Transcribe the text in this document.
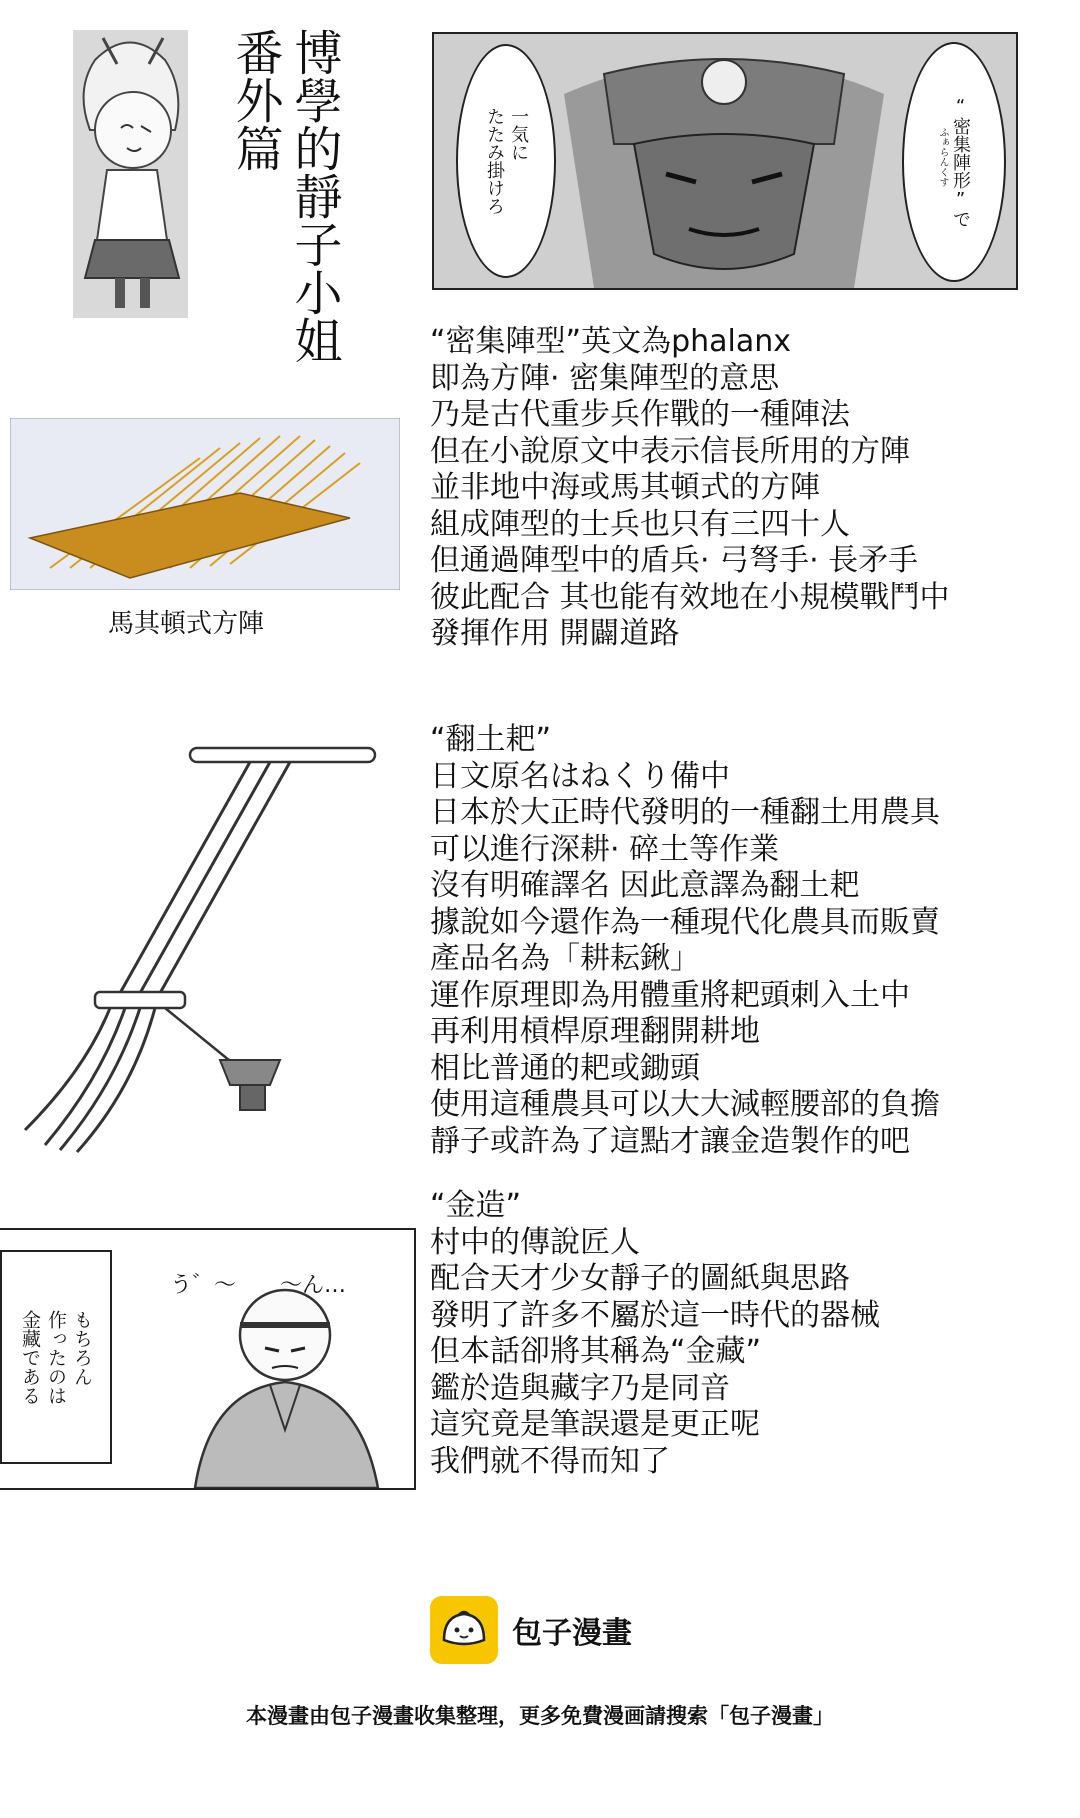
博學的靜子小姐
番外篇	一気に
たたみ掛けろ	ふぁらんくす “密集陣形”で
馬其頓式方陣
“密集陣型”英文為phalanx
即為方陣· 密集陣型的意思
乃是古代重步兵作戰的一種陣法
但在小說原文中表示信長所用的方陣
並非地中海或馬其頓式的方陣
組成陣型的士兵也只有三四十人
但通過陣型中的盾兵· 弓弩手· 長矛手
彼此配合 其也能有效地在小規模戰鬥中
發揮作用 開闢道路
“翻土耙”
日文原名はねくり備中
日本於大正時代發明的一種翻土用農具
可以進行深耕· 碎土等作業
沒有明確譯名 因此意譯為翻土耙
據說如今還作為一種現代化農具而販賣
產品名為「耕耘鍬」
運作原理即為用體重將耙頭刺入土中
再利用槓桿原理翻開耕地
相比普通的耙或鋤頭
使用這種農具可以大大減輕腰部的負擔
靜子或許為了這點才讓金造製作的吧
もちろん
作ったのは
金藏である
う゛～　　～ん…
“金造”
村中的傳說匠人
配合天才少女靜子的圖紙與思路
發明了許多不屬於這一時代的器械
但本話卻將其稱為“金藏”
鑑於造與藏字乃是同音
這究竟是筆誤還是更正呢
我們就不得而知了
包子漫畫
本漫畫由包子漫畫收集整理，更多免費漫画請搜索「包子漫畫」
